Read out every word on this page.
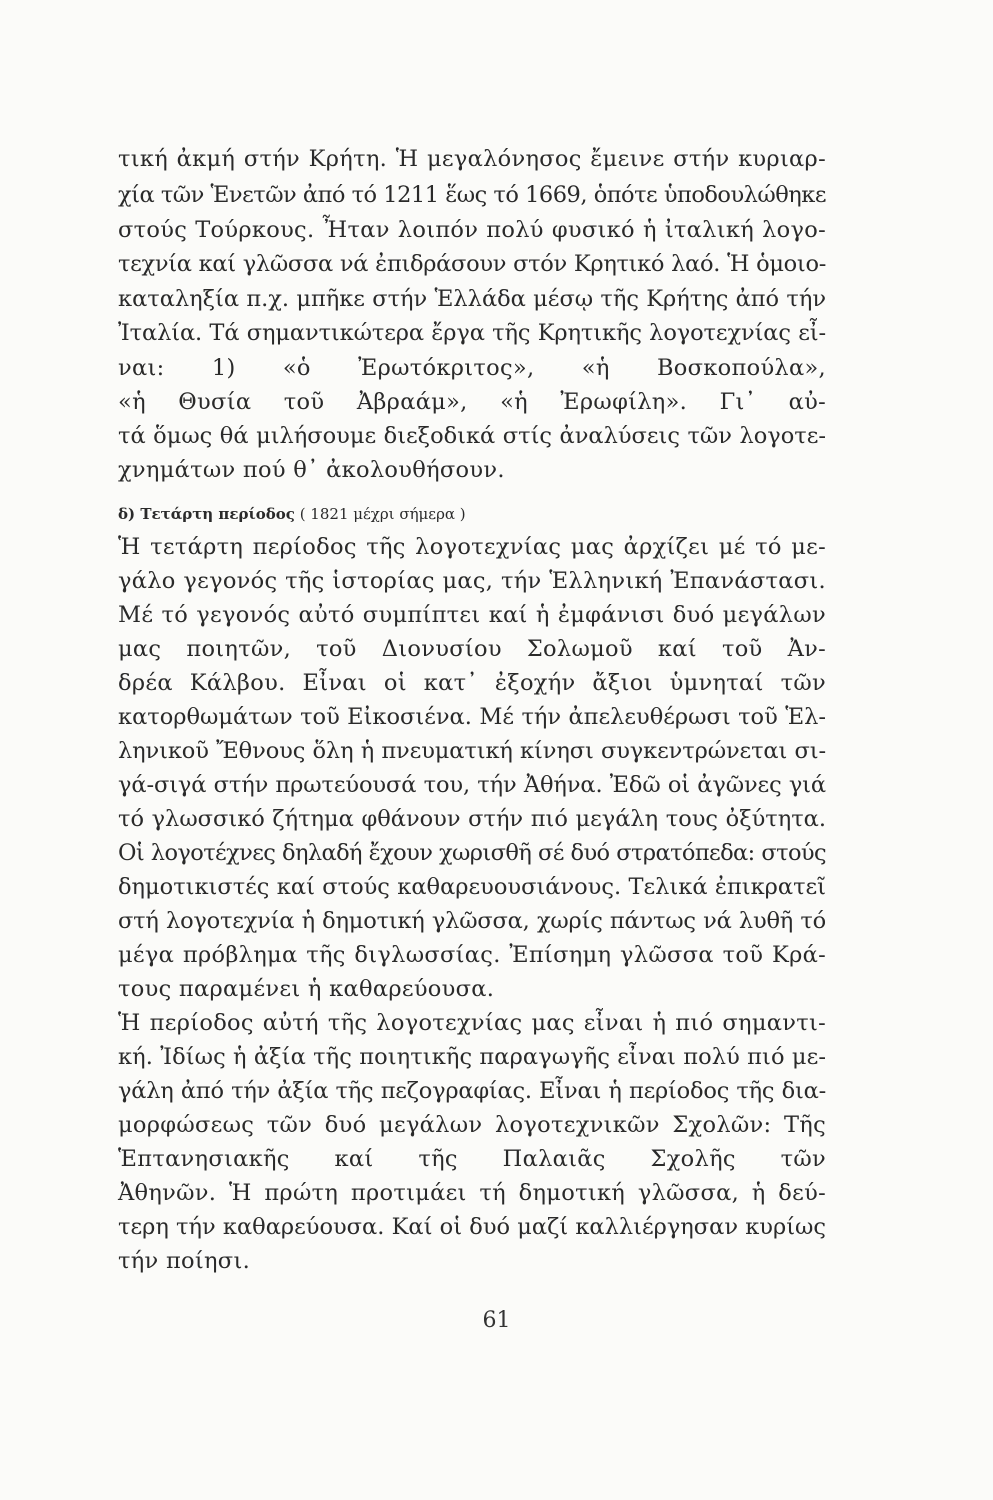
τική ἀκμή στήν Κρήτη. Ἡ μεγαλόνησος ἔμεινε στήν κυριαρ-
χία τῶν Ἑνετῶν ἀπό τό 1211 ἕως τό 1669, ὁπότε ὑποδουλώθηκε
στούς Τούρκους. Ἦταν λοιπόν πολύ φυσικό ἡ ἰταλική λογο-
τεχνία καί γλῶσσα νά ἐπιδράσουν στόν Κρητικό λαό. Ἡ ὁμοιο-
καταληξία π.χ. μπῆκε στήν Ἑλλάδα μέσῳ τῆς Κρήτης ἀπό τήν
Ἰταλία. Τά σημαντικώτερα ἔργα τῆς Κρητικῆς λογοτεχνίας εἶ-
ναι: 1) «ὁ Ἐρωτόκριτος», «ἡ Βοσκοπούλα»,
«ἡ Θυσία τοῦ Ἀβραάμ», «ἡ Ἐρωφίλη». Γι᾽ αὐ-
τά ὅμως θά μιλήσουμε διεξοδικά στίς ἀναλύσεις τῶν λογοτε-
χνημάτων πού θ᾽ ἀκολουθήσουν.
δ) Τετάρτη περίοδος ( 1821 μέχρι σήμερα )
Ἡ τετάρτη περίοδος τῆς λογοτεχνίας μας ἀρχίζει μέ τό με-
γάλο γεγονός τῆς ἱστορίας μας, τήν Ἑλληνική Ἐπανάστασι.
Μέ τό γεγονός αὐτό συμπίπτει καί ἡ ἐμφάνισι δυό μεγάλων
μας ποιητῶν, τοῦ Διονυσίου Σολωμοῦ καί τοῦ Ἀν-
δρέα Κάλβου. Εἶναι οἱ κατ᾽ ἐξοχήν ἄξιοι ὑμνηταί τῶν
κατορθωμάτων τοῦ Εἰκοσιένα. Μέ τήν ἀπελευθέρωσι τοῦ Ἑλ-
ληνικοῦ Ἔθνους ὅλη ἡ πνευματική κίνησι συγκεντρώνεται σι-
γά-σιγά στήν πρωτεύουσά του, τήν Ἀθήνα. Ἐδῶ οἱ ἀγῶνες γιά
τό γλωσσικό ζήτημα φθάνουν στήν πιό μεγάλη τους ὀξύτητα.
Οἱ λογοτέχνες δηλαδή ἔχουν χωρισθῆ σέ δυό στρατόπεδα: στούς
δημοτικιστές καί στούς καθαρευουσιάνους. Τελικά ἐπικρατεῖ
στή λογοτεχνία ἡ δημοτική γλῶσσα, χωρίς πάντως νά λυθῆ τό
μέγα πρόβλημα τῆς διγλωσσίας. Ἐπίσημη γλῶσσα τοῦ Κρά-
τους παραμένει ἡ καθαρεύουσα.
Ἡ περίοδος αὐτή τῆς λογοτεχνίας μας εἶναι ἡ πιό σημαντι-
κή. Ἰδίως ἡ ἀξία τῆς ποιητικῆς παραγωγῆς εἶναι πολύ πιό με-
γάλη ἀπό τήν ἀξία τῆς πεζογραφίας. Εἶναι ἡ περίοδος τῆς δια-
μορφώσεως τῶν δυό μεγάλων λογοτεχνικῶν Σχολῶν: Τῆς
Ἑπτανησιακῆς καί τῆς Παλαιᾶς Σχολῆς τῶν
Ἀθηνῶν. Ἡ πρώτη προτιμάει τή δημοτική γλῶσσα, ἡ δεύ-
τερη τήν καθαρεύουσα. Καί οἱ δυό μαζί καλλιέργησαν κυρίως
τήν ποίησι.
61
